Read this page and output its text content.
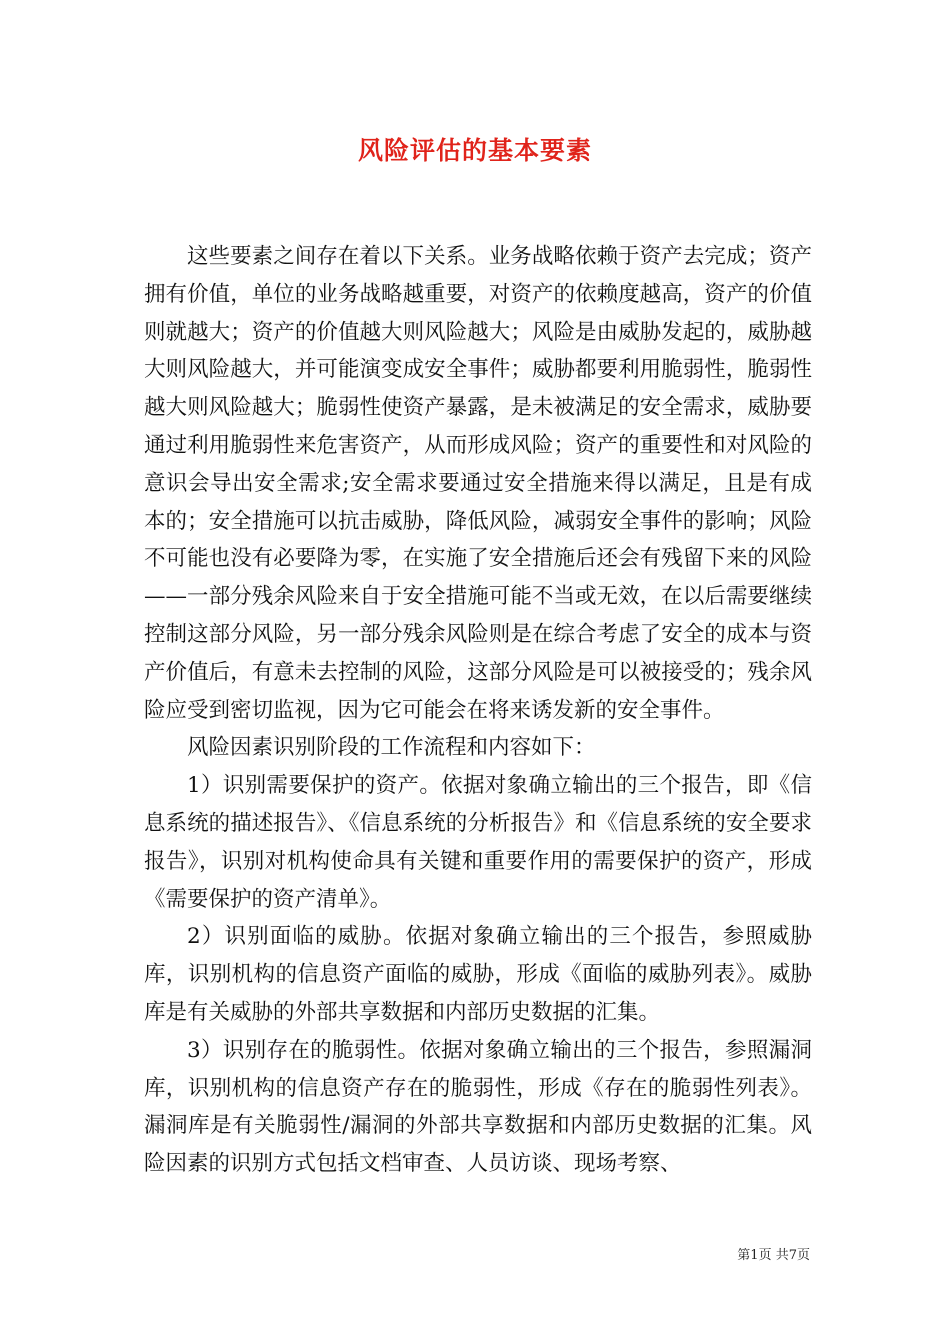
风险评估的基本要素

这些要素之间存在着以下关系。业务战略依赖于资产去完成；资产拥有价值，单位的业务战略越重要，对资产的依赖度越高，资产的价值则就越大；资产的价值越大则风险越大；风险是由威胁发起的，威胁越大则风险越大，并可能演变成安全事件；威胁都要利用脆弱性，脆弱性越大则风险越大；脆弱性使资产暴露，是未被满足的安全需求，威胁要通过利用脆弱性来危害资产，从而形成风险；资产的重要性和对风险的意识会导出安全需求;安全需求要通过安全措施来得以满足，且是有成本的；安全措施可以抗击威胁，降低风险，减弱安全事件的影响；风险不可能也没有必要降为零，在实施了安全措施后还会有残留下来的风险——一部分残余风险来自于安全措施可能不当或无效，在以后需要继续控制这部分风险，另一部分残余风险则是在综合考虑了安全的成本与资产价值后，有意未去控制的风险，这部分风险是可以被接受的；残余风险应受到密切监视，因为它可能会在将来诱发新的安全事件。

风险因素识别阶段的工作流程和内容如下：

1）识别需要保护的资产。依据对象确立输出的三个报告，即《信息系统的描述报告》、《信息系统的分析报告》和《信息系统的安全要求报告》，识别对机构使命具有关键和重要作用的需要保护的资产，形成《需要保护的资产清单》。

2）识别面临的威胁。依据对象确立输出的三个报告，参照威胁库，识别机构的信息资产面临的威胁，形成《面临的威胁列表》。威胁库是有关威胁的外部共享数据和内部历史数据的汇集。

3）识别存在的脆弱性。依据对象确立输出的三个报告，参照漏洞库，识别机构的信息资产存在的脆弱性，形成《存在的脆弱性列表》。漏洞库是有关脆弱性/漏洞的外部共享数据和内部历史数据的汇集。风险因素的识别方式包括文档审查、人员访谈、现场考察、

第1页 共7页
